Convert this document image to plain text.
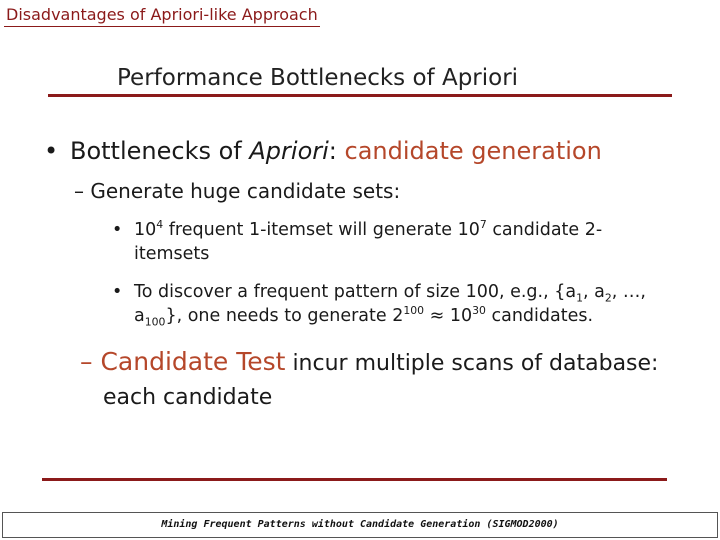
Disadvantages of Apriori-like Approach
Performance Bottlenecks of Apriori
• Bottlenecks of Apriori: candidate generation
– Generate huge candidate sets:
• $10^4$ frequent 1-itemset will generate $10^7$ candidate 2-itemsets
• To discover a frequent pattern of size 100, e.g., {$a_1$, $a_2$, …, $a_{100}$}, one needs to generate $2^{100} \approx 10^{30}$ candidates.
– Candidate Test incur multiple scans of database:
each candidate
Mining Frequent Patterns without Candidate Generation (SIGMOD2000)
